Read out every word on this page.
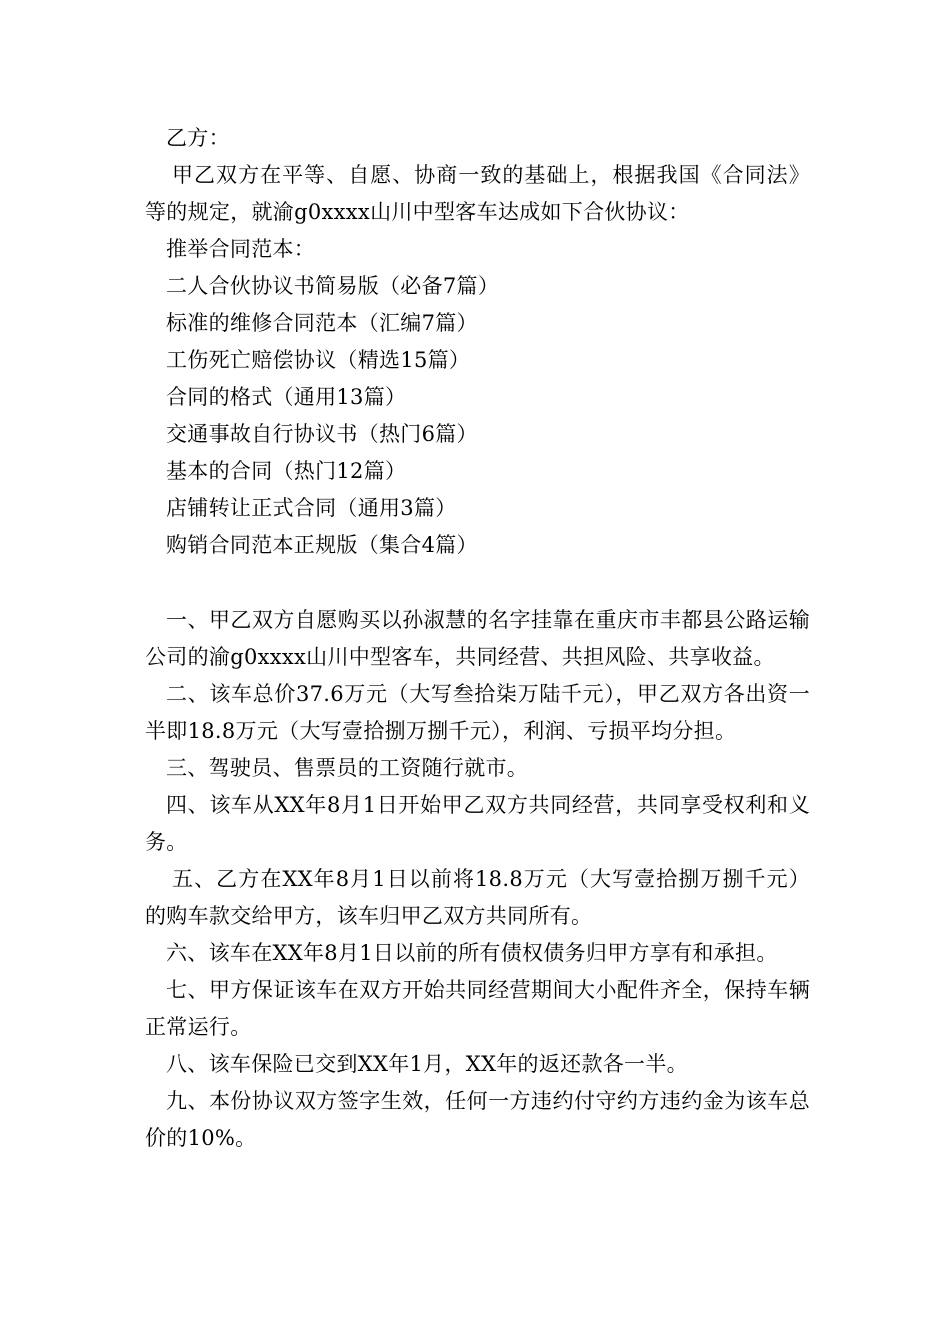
乙方：

甲乙双方在平等、自愿、协商一致的基础上，根据我国《合同法》等的规定，就渝g0xxxx山川中型客车达成如下合伙协议：

推举合同范本：

二人合伙协议书简易版（必备7篇）

标准的维修合同范本（汇编7篇）

工伤死亡赔偿协议（精选15篇）

合同的格式（通用13篇）

交通事故自行协议书（热门6篇）

基本的合同（热门12篇）

店铺转让正式合同（通用3篇）

购销合同范本正规版（集合4篇）

一、甲乙双方自愿购买以孙淑慧的名字挂靠在重庆市丰都县公路运输公司的渝g0xxxx山川中型客车，共同经营、共担风险、共享收益。

二、该车总价37.6万元（大写叁拾柒万陆千元），甲乙双方各出资一半即18.8万元（大写壹拾捌万捌千元），利润、亏损平均分担。

三、驾驶员、售票员的工资随行就市。

四、该车从XX年8月1日开始甲乙双方共同经营，共同享受权利和义务。

五、乙方在XX年8月1日以前将18.8万元（大写壹拾捌万捌千元）的购车款交给甲方，该车归甲乙双方共同所有。

六、该车在XX年8月1日以前的所有债权债务归甲方享有和承担。

七、甲方保证该车在双方开始共同经营期间大小配件齐全，保持车辆正常运行。

八、该车保险已交到XX年1月，XX年的返还款各一半。

九、本份协议双方签字生效，任何一方违约付守约方违约金为该车总价的10%。
